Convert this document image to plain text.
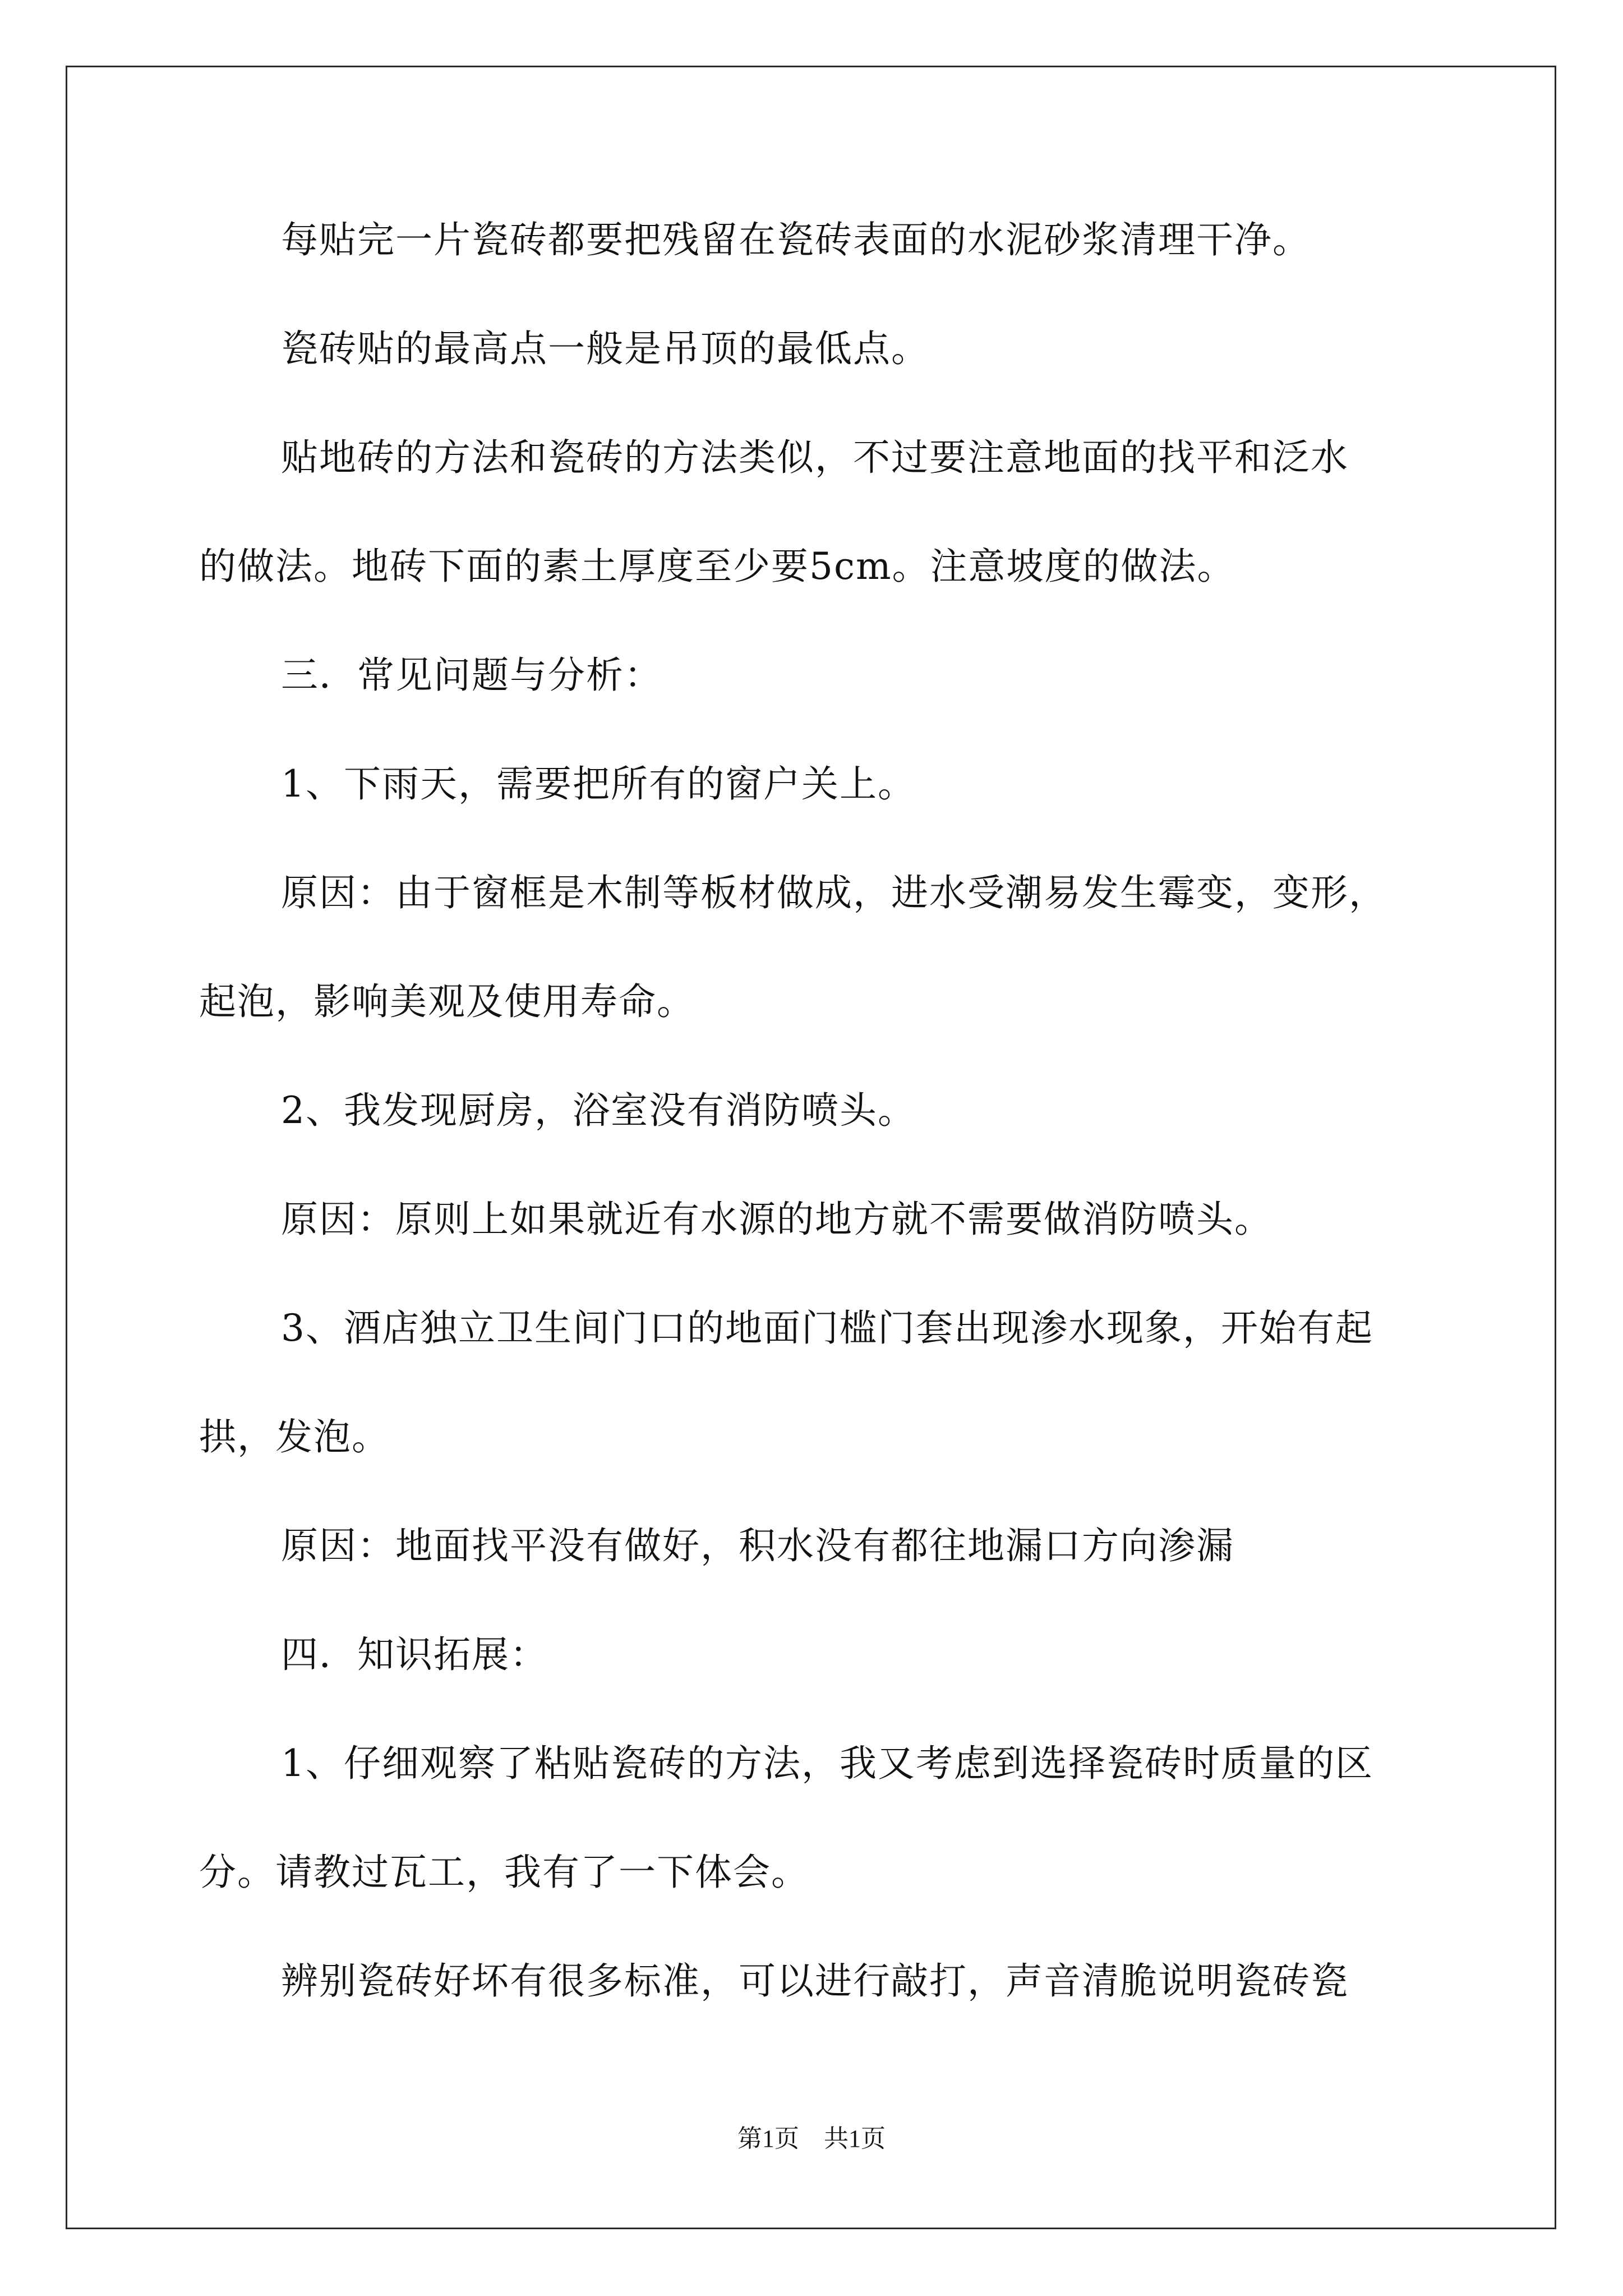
每贴完一片瓷砖都要把残留在瓷砖表面的水泥砂浆清理干净。
瓷砖贴的最高点一般是吊顶的最低点。
贴地砖的方法和瓷砖的方法类似，不过要注意地面的找平和泛水
的做法。地砖下面的素土厚度至少要5cm。注意坡度的做法。
三．常见问题与分析：
1、下雨天，需要把所有的窗户关上。
原因：由于窗框是木制等板材做成，进水受潮易发生霉变，变形，
起泡，影响美观及使用寿命。
2、我发现厨房，浴室没有消防喷头。
原因：原则上如果就近有水源的地方就不需要做消防喷头。
3、酒店独立卫生间门口的地面门槛门套出现渗水现象，开始有起
拱，发泡。
原因：地面找平没有做好，积水没有都往地漏口方向渗漏
四．知识拓展：
1、仔细观察了粘贴瓷砖的方法，我又考虑到选择瓷砖时质量的区
分。请教过瓦工，我有了一下体会。
辨别瓷砖好坏有很多标准，可以进行敲打，声音清脆说明瓷砖瓷
第1页　共1页
